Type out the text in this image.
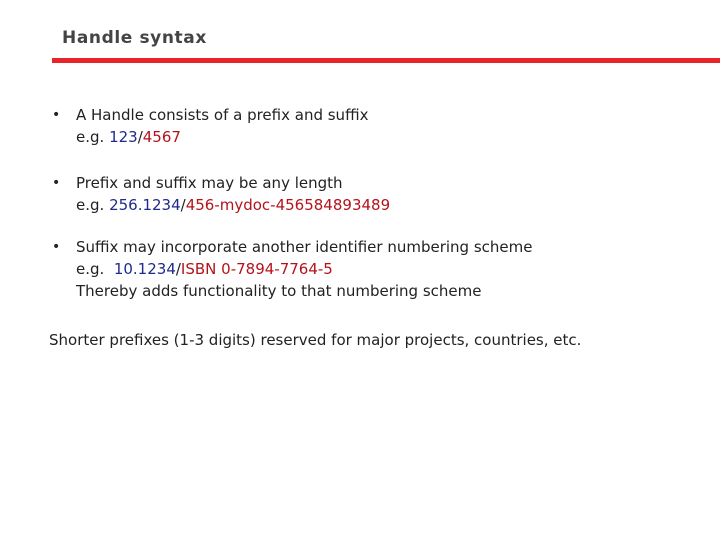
Handle syntax
• A Handle consists of a prefix and suffix
e.g. 123/4567
• Prefix and suffix may be any length
e.g. 256.1234/456-mydoc-456584893489
• Suffix may incorporate another identifier numbering scheme
e.g.  10.1234/ISBN 0-7894-7764-5
Thereby adds functionality to that numbering scheme
Shorter prefixes (1-3 digits) reserved for major projects, countries, etc.
